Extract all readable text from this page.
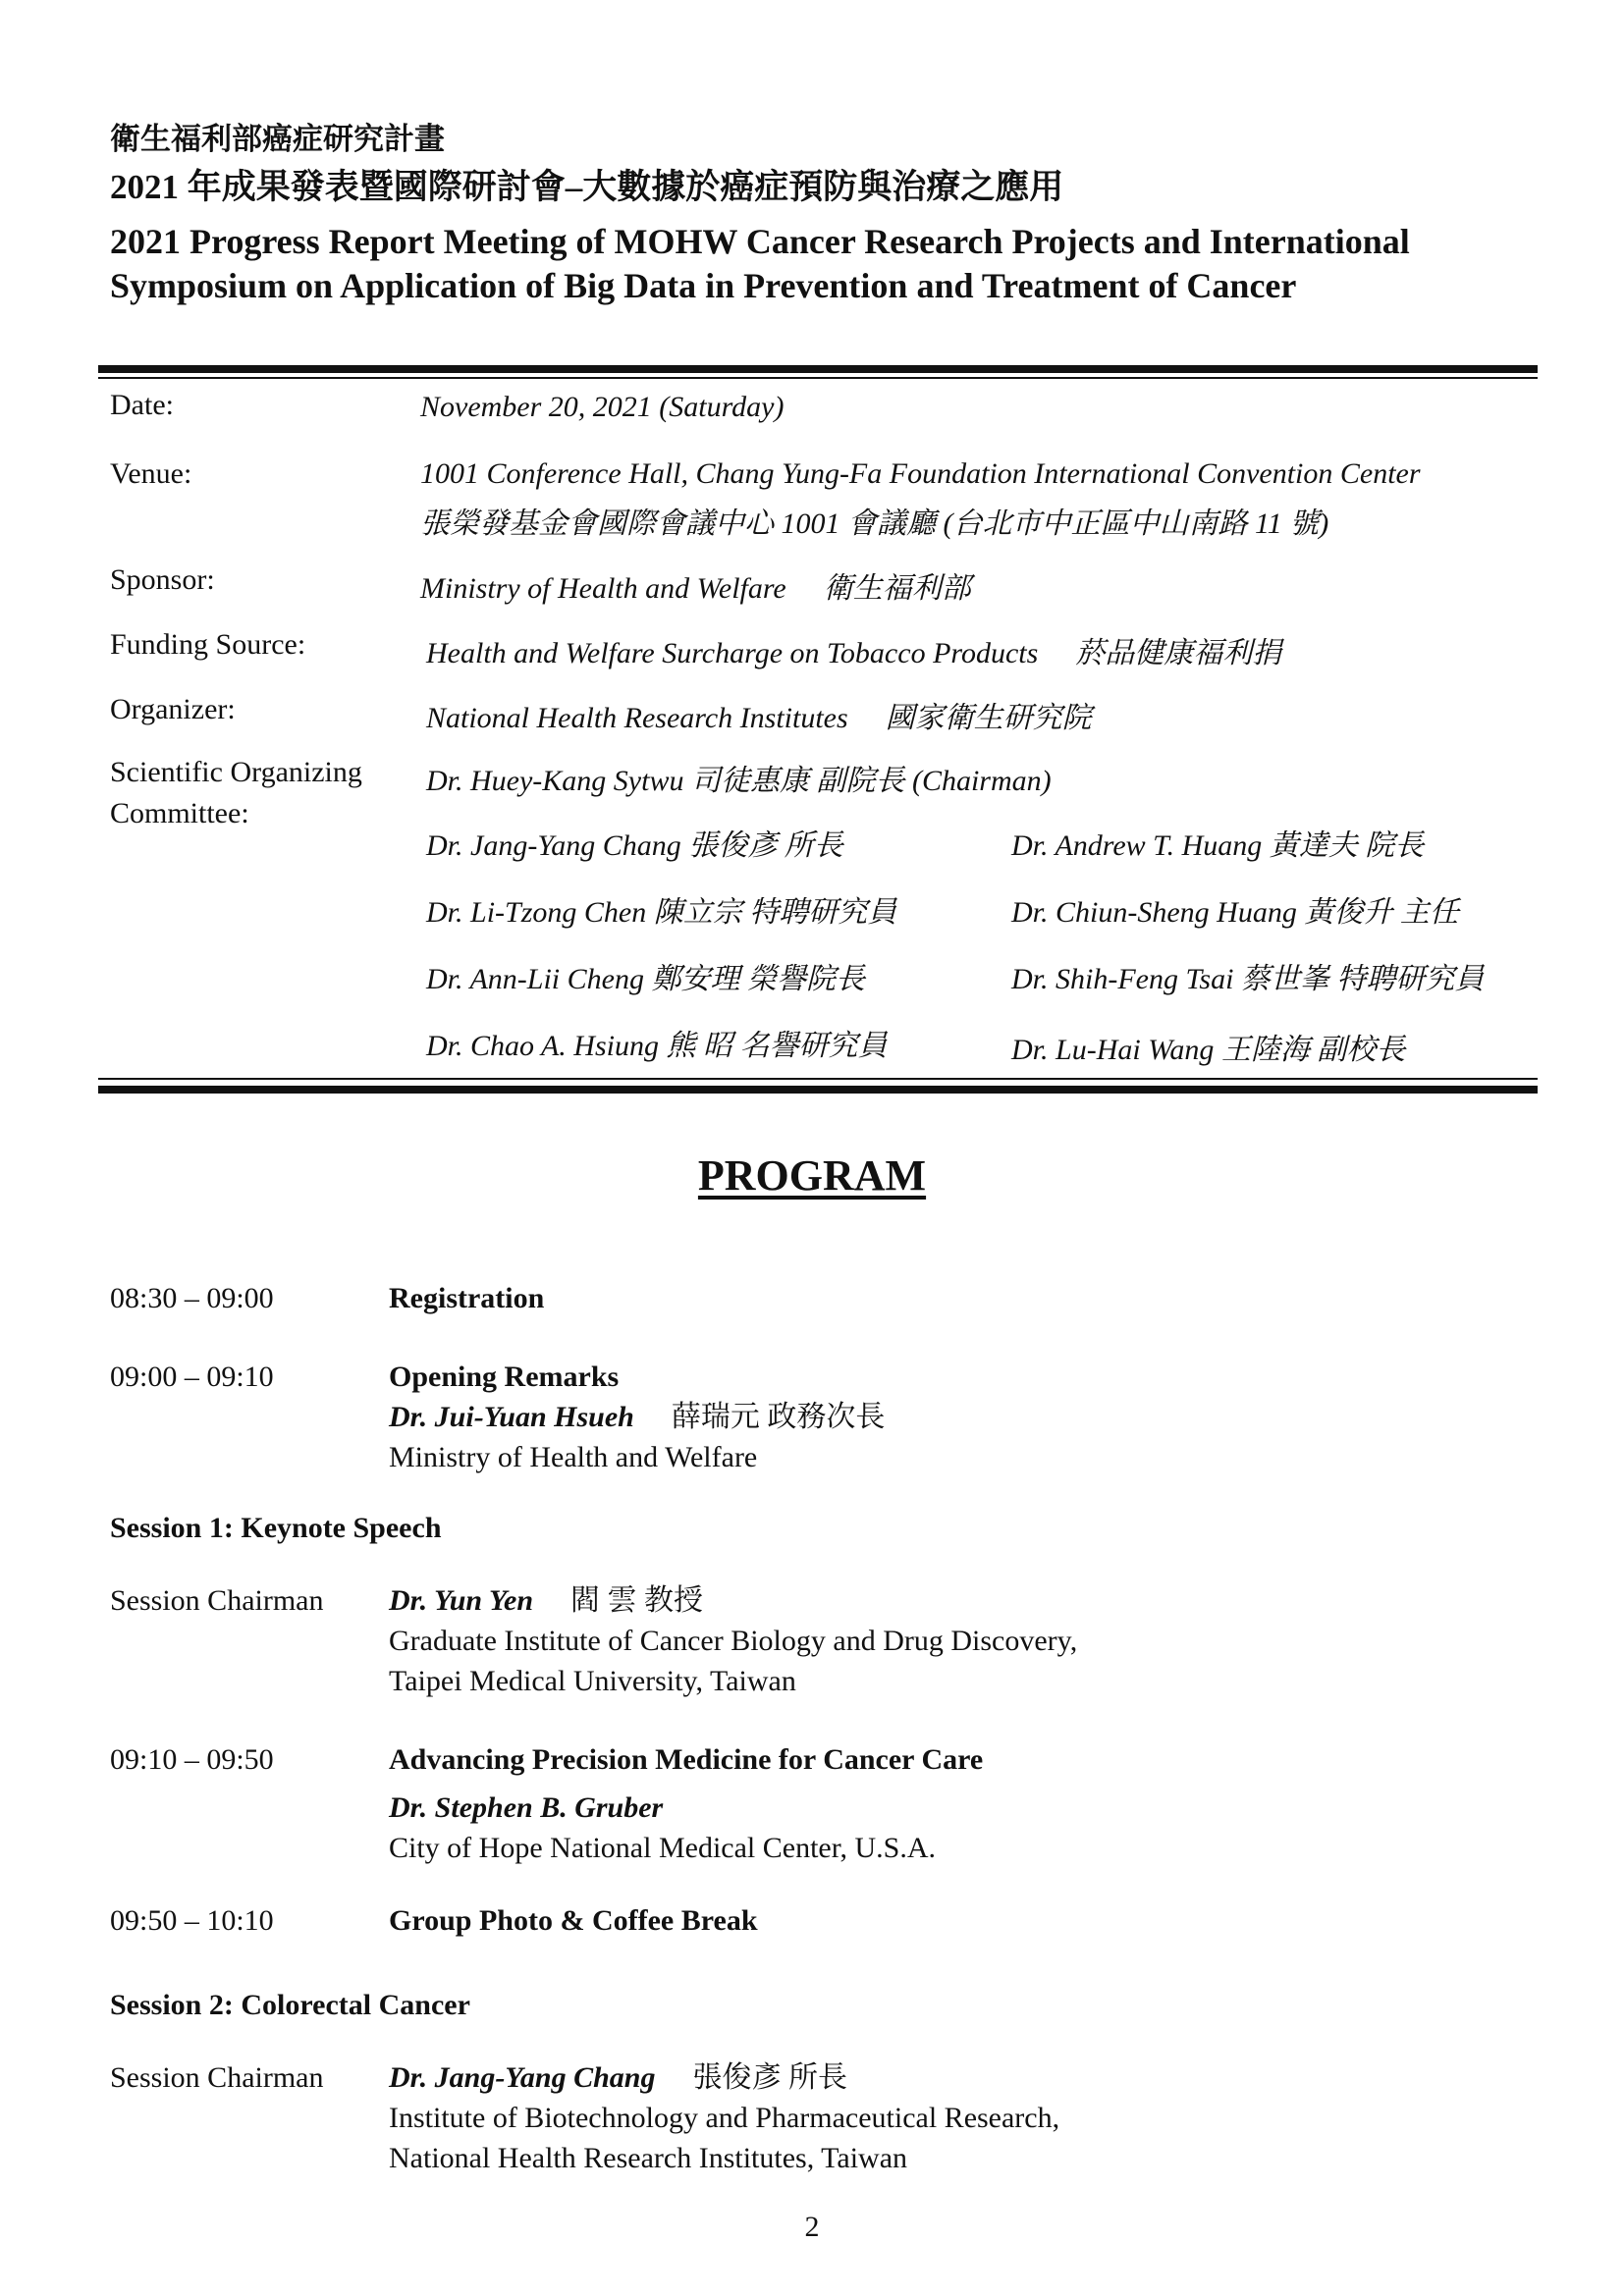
衛生福利部癌症研究計畫
2021 年成果發表暨國際研討會–大數據於癌症預防與治療之應用
2021 Progress Report Meeting of MOHW Cancer Research Projects and International
Symposium on Application of Big Data in Prevention and Treatment of Cancer
Date:	November 20, 2021 (Saturday)
Venue:	1001 Conference Hall, Chang Yung-Fa Foundation International Convention Center
張榮發基金會國際會議中心 1001 會議廳 (台北市中正區中山南路 11 號)
Sponsor:	Ministry of Health and Welfare 衛生福利部
Funding Source:	Health and Welfare Surcharge on Tobacco Products 菸品健康福利捐
Organizer:	National Health Research Institutes 國家衛生研究院
Scientific Organizing
Committee:
Dr. Huey-Kang Sytwu 司徒惠康 副院長 (Chairman)
Dr. Jang-Yang Chang 張俊彥 所長	Dr. Andrew T. Huang 黃達夫 院長
Dr. Li-Tzong Chen 陳立宗 特聘研究員	Dr. Chiun-Sheng Huang 黃俊升 主任
Dr. Ann-Lii Cheng 鄭安理 榮譽院長	Dr. Shih-Feng Tsai 蔡世峯 特聘研究員
Dr. Chao A. Hsiung 熊 昭 名譽研究員	Dr. Lu-Hai Wang 王陸海 副校長
PROGRAM
08:30 – 09:00	Registration
09:00 – 09:10	Opening Remarks
Dr. Jui-Yuan Hsueh 薛瑞元 政務次長
Ministry of Health and Welfare
Session 1: Keynote Speech
Session Chairman Dr. Yun Yen 閻 雲 教授
Graduate Institute of Cancer Biology and Drug Discovery,
Taipei Medical University, Taiwan
09:10 – 09:50	Advancing Precision Medicine for Cancer Care
Dr. Stephen B. Gruber
City of Hope National Medical Center, U.S.A.
09:50 – 10:10	Group Photo & Coffee Break
Session 2: Colorectal Cancer
Session Chairman Dr. Jang-Yang Chang 張俊彥 所長
Institute of Biotechnology and Pharmaceutical Research,
National Health Research Institutes, Taiwan
2
